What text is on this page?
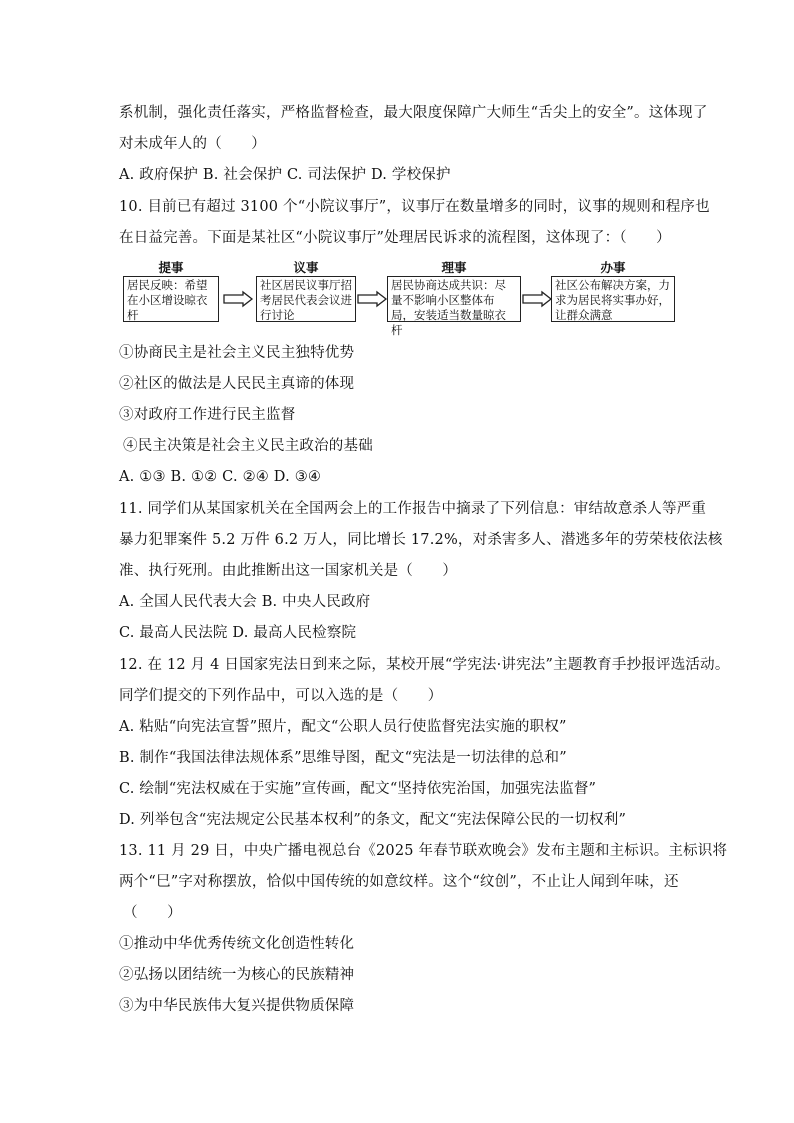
系机制，强化责任落实，严格监督检查，最大限度保障广大师生“舌尖上的安全”。这体现了
对未成年人的（　　）
A. 政府保护 B. 社会保护 C. 司法保护 D. 学校保护
10. 目前已有超过 3100 个“小院议事厅”，议事厅在数量增多的同时，议事的规则和程序也
在日益完善。下面是某社区“小院议事厅”处理居民诉求的流程图，这体现了：（　　）
提事	议事	理事	办事
居民反映：希望在小区增设晾衣杆
社区居民议事厅招考居民代表会议进行讨论
居民协商达成共识：尽量不影响小区整体布局，安装适当数量晾衣杆
社区公布解决方案，力求为居民将实事办好，让群众满意
①协商民主是社会主义民主独特优势
②社区的做法是人民民主真谛的体现
③对政府工作进行民主监督
④民主决策是社会主义民主政治的基础
A. ①③ B. ①② C. ②④ D. ③④
11. 同学们从某国家机关在全国两会上的工作报告中摘录了下列信息：审结故意杀人等严重
暴力犯罪案件 5.2 万件 6.2 万人，同比增长 17.2%，对杀害多人、潜逃多年的劳荣枝依法核
准、执行死刑。由此推断出这一国家机关是（　　）
A. 全国人民代表大会 B. 中央人民政府
C. 最高人民法院 D. 最高人民检察院
12. 在 12 月 4 日国家宪法日到来之际，某校开展“学宪法·讲宪法”主题教育手抄报评选活动。
同学们提交的下列作品中，可以入选的是（　　）
A. 粘贴“向宪法宣誓”照片，配文“公职人员行使监督宪法实施的职权”
B. 制作“我国法律法规体系”思维导图，配文“宪法是一切法律的总和”
C. 绘制“宪法权威在于实施”宣传画，配文“坚持依宪治国，加强宪法监督”
D. 列举包含“宪法规定公民基本权利”的条文，配文“宪法保障公民的一切权利”
13. 11 月 29 日，中央广播电视总台《2025 年春节联欢晚会》发布主题和主标识。主标识将
两个“巳”字对称摆放，恰似中国传统的如意纹样。这个“纹创”，不止让人闻到年味，还
（　　）
①推动中华优秀传统文化创造性转化
②弘扬以团结统一为核心的民族精神
③为中华民族伟大复兴提供物质保障
